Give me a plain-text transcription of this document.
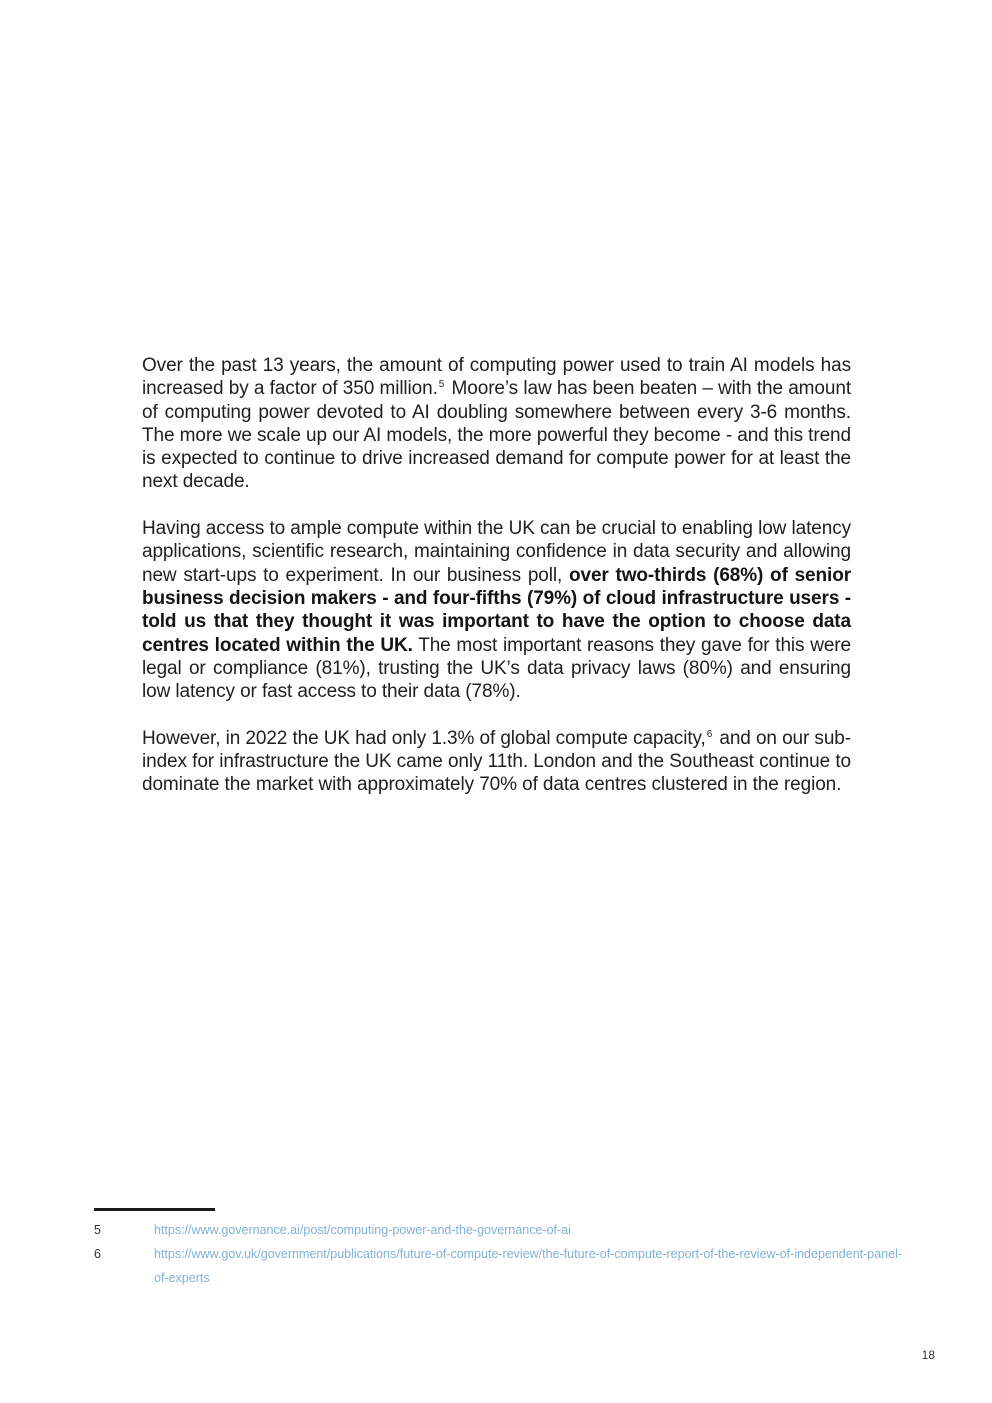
Over the past 13 years, the amount of computing power used to train AI models has increased by a factor of 350 million.$^5$ Moore’s law has been beaten – with the amount of computing power devoted to AI doubling somewhere between every 3-6 months. The more we scale up our AI models, the more powerful they become - and this trend is expected to continue to drive increased demand for compute power for at least the next decade.

Having access to ample compute within the UK can be crucial to enabling low latency applications, scientific research, maintaining confidence in data security and allowing new start-ups to experiment. In our business poll, over two-thirds (68%) of senior business decision makers - and four-fifths (79%) of cloud infrastructure users - told us that they thought it was important to have the option to choose data centres located within the UK. The most important reasons they gave for this were legal or compliance (81%), trusting the UK’s data privacy laws (80%) and ensuring low latency or fast access to their data (78%).

However, in 2022 the UK had only 1.3% of global compute capacity,$^6$ and on our sub-index for infrastructure the UK came only 11th. London and the Southeast continue to dominate the market with approximately 70% of data centres clustered in the region.

5	https://www.governance.ai/post/computing-power-and-the-governance-of-ai
6	https://www.gov.uk/government/publications/future-of-compute-review/the-future-of-compute-report-of-the-review-of-independent-panel-of-experts
18
